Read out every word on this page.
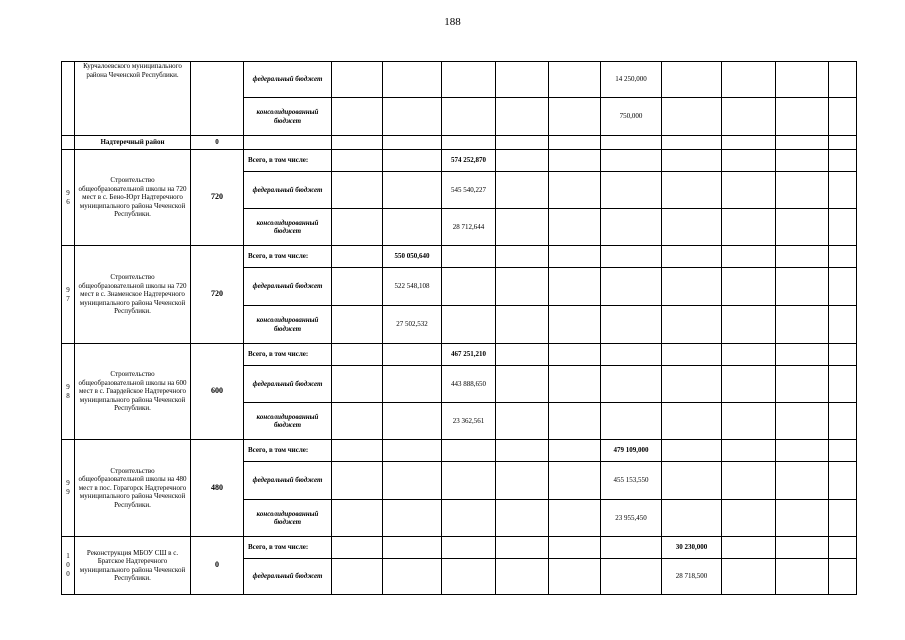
188
	Курчалоевского муниципального района Чеченской Республики.		федеральный бюджет						14 250,000				
			консолидированный бюджет						750,000				
	Надтеречный район	0											
9 6	Строительство общеобразовательной школы на 720 мест в с. Бено-Юрт Надтеречного муниципального района Чеченской Республики.	720	Всего, в том числе:			574 252,870							
			федеральный бюджет			545 540,227							
			консолидированный бюджет			28 712,644							
9 7	Строительство общеобразовательной школы на 720 мест в с. Знаменское Надтеречного муниципального района Чеченской Республики.	720	Всего, в том числе:		550 050,640								
			федеральный бюджет		522 548,108								
			консолидированный бюджет		27 502,532								
9 8	Строительство общеобразовательной школы на 600 мест в с. Гвардейское Надтеречного муниципального района Чеченской Республики.	600	Всего, в том числе:			467 251,210							
			федеральный бюджет			443 888,650							
			консолидированный бюджет			23 362,561							
9 9	Строительство общеобразовательной школы на 480 мест в пос. Горагорск Надтеречного муниципального района Чеченской Республики.	480	Всего, в том числе:						479 109,000				
			федеральный бюджет						455 153,550				
			консолидированный бюджет						23 955,450				
1 0 0	Реконструкция МБОУ СШ в с. Братское Надтеречного муниципального района Чеченской Республики.	0	Всего, в том числе:							30 230,000			
			федеральный бюджет							28 718,500			
